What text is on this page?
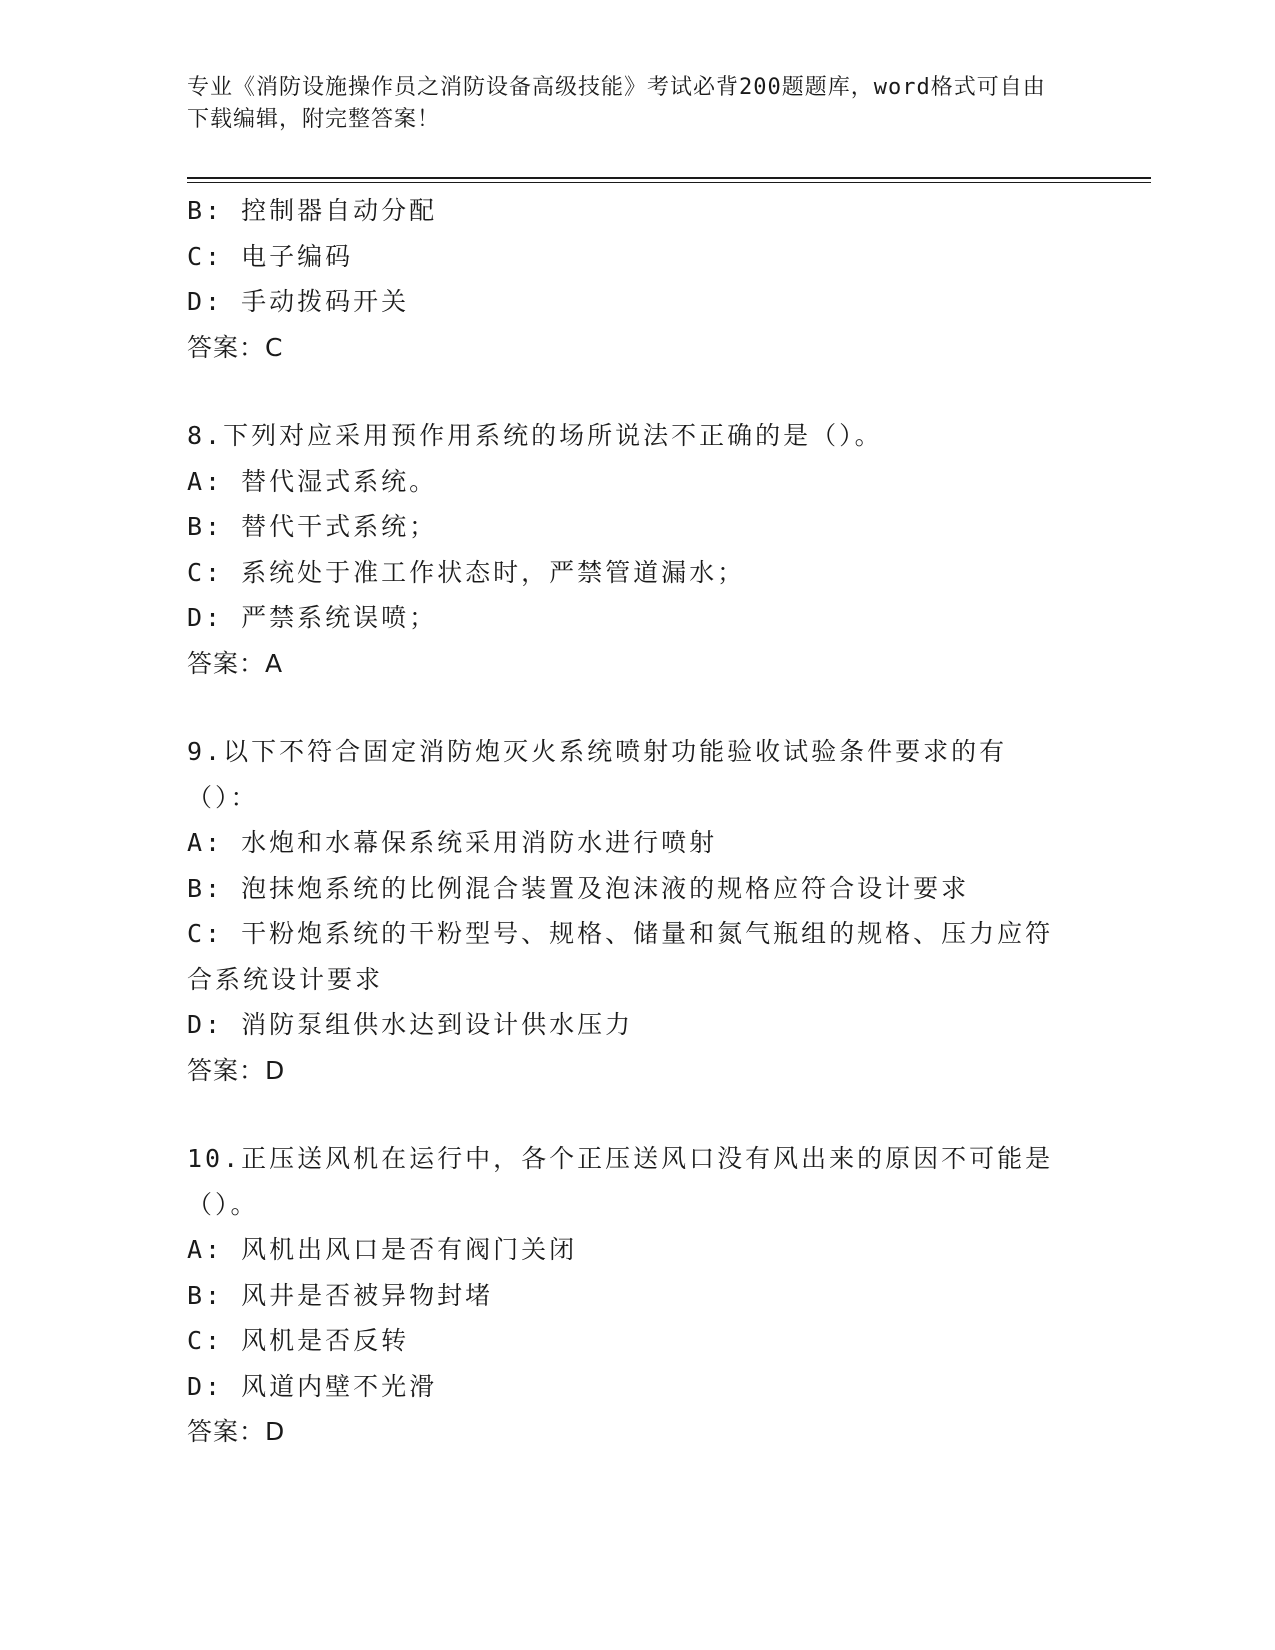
专业《消防设施操作员之消防设备高级技能》考试必背200题题库，word格式可自由下载编辑，附完整答案！
B: 控制器自动分配
C: 电子编码
D: 手动拨码开关
答案：C
8.下列对应采用预作用系统的场所说法不正确的是（）。
A: 替代湿式系统。
B: 替代干式系统；
C: 系统处于准工作状态时，严禁管道漏水；
D: 严禁系统误喷；
答案：A
9.以下不符合固定消防炮灭火系统喷射功能验收试验条件要求的有（）：
A: 水炮和水幕保系统采用消防水进行喷射
B: 泡抹炮系统的比例混合装置及泡沫液的规格应符合设计要求
C: 干粉炮系统的干粉型号、规格、储量和氮气瓶组的规格、压力应符合系统设计要求
D: 消防泵组供水达到设计供水压力
答案：D
10.正压送风机在运行中，各个正压送风口没有风出来的原因不可能是（）。
A: 风机出风口是否有阀门关闭
B: 风井是否被异物封堵
C: 风机是否反转
D: 风道内壁不光滑
答案：D
